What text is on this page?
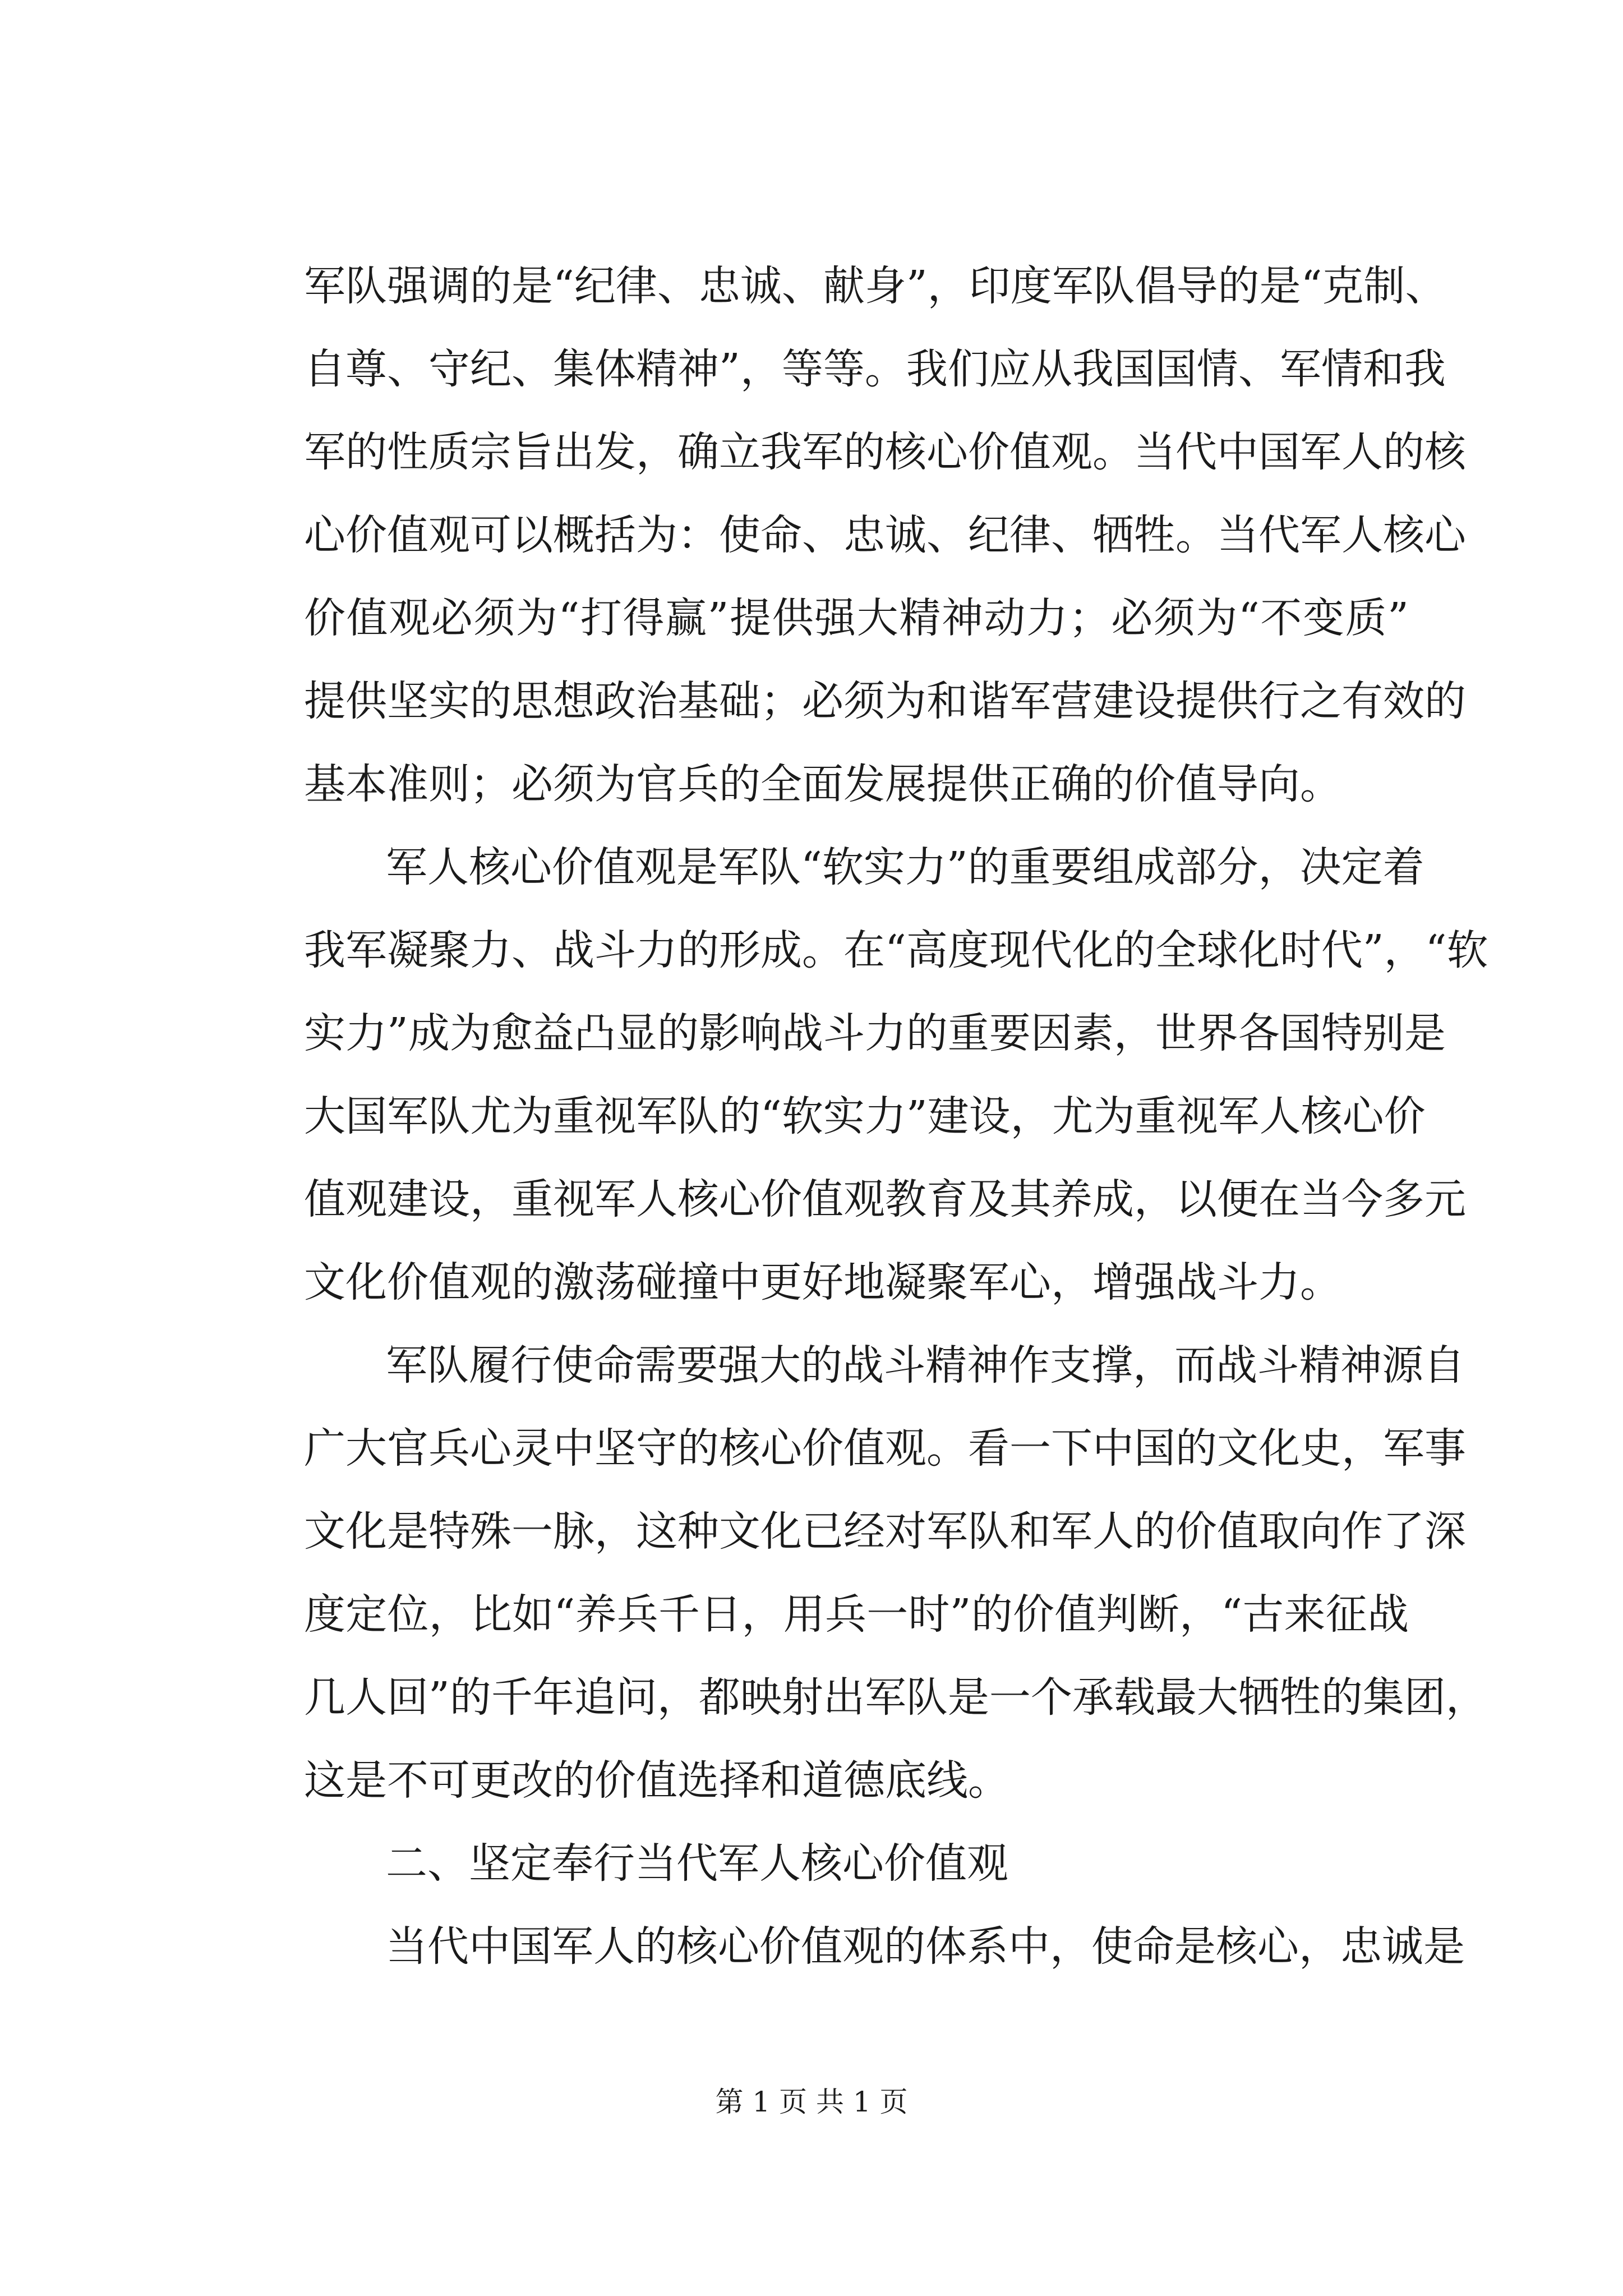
军队强调的是“纪律、忠诚、献身”，印度军队倡导的是“克制、
自尊、守纪、集体精神”，等等。我们应从我国国情、军情和我
军的性质宗旨出发，确立我军的核心价值观。当代中国军人的核
心价值观可以概括为：使命、忠诚、纪律、牺牲。当代军人核心
价值观必须为“打得赢”提供强大精神动力；必须为“不变质”
提供坚实的思想政治基础；必须为和谐军营建设提供行之有效的
基本准则；必须为官兵的全面发展提供正确的价值导向。
军人核心价值观是军队“软实力”的重要组成部分，决定着
我军凝聚力、战斗力的形成。在“高度现代化的全球化时代”，“软
实力”成为愈益凸显的影响战斗力的重要因素，世界各国特别是
大国军队尤为重视军队的“软实力”建设，尤为重视军人核心价
值观建设，重视军人核心价值观教育及其养成，以便在当今多元
文化价值观的激荡碰撞中更好地凝聚军心，增强战斗力。
军队履行使命需要强大的战斗精神作支撑，而战斗精神源自
广大官兵心灵中坚守的核心价值观。看一下中国的文化史，军事
文化是特殊一脉，这种文化已经对军队和军人的价值取向作了深
度定位，比如“养兵千日，用兵一时”的价值判断，“古来征战
几人回”的千年追问，都映射出军队是一个承载最大牺牲的集团，
这是不可更改的价值选择和道德底线。
二、坚定奉行当代军人核心价值观
当代中国军人的核心价值观的体系中，使命是核心，忠诚是
第 1 页 共 1 页
